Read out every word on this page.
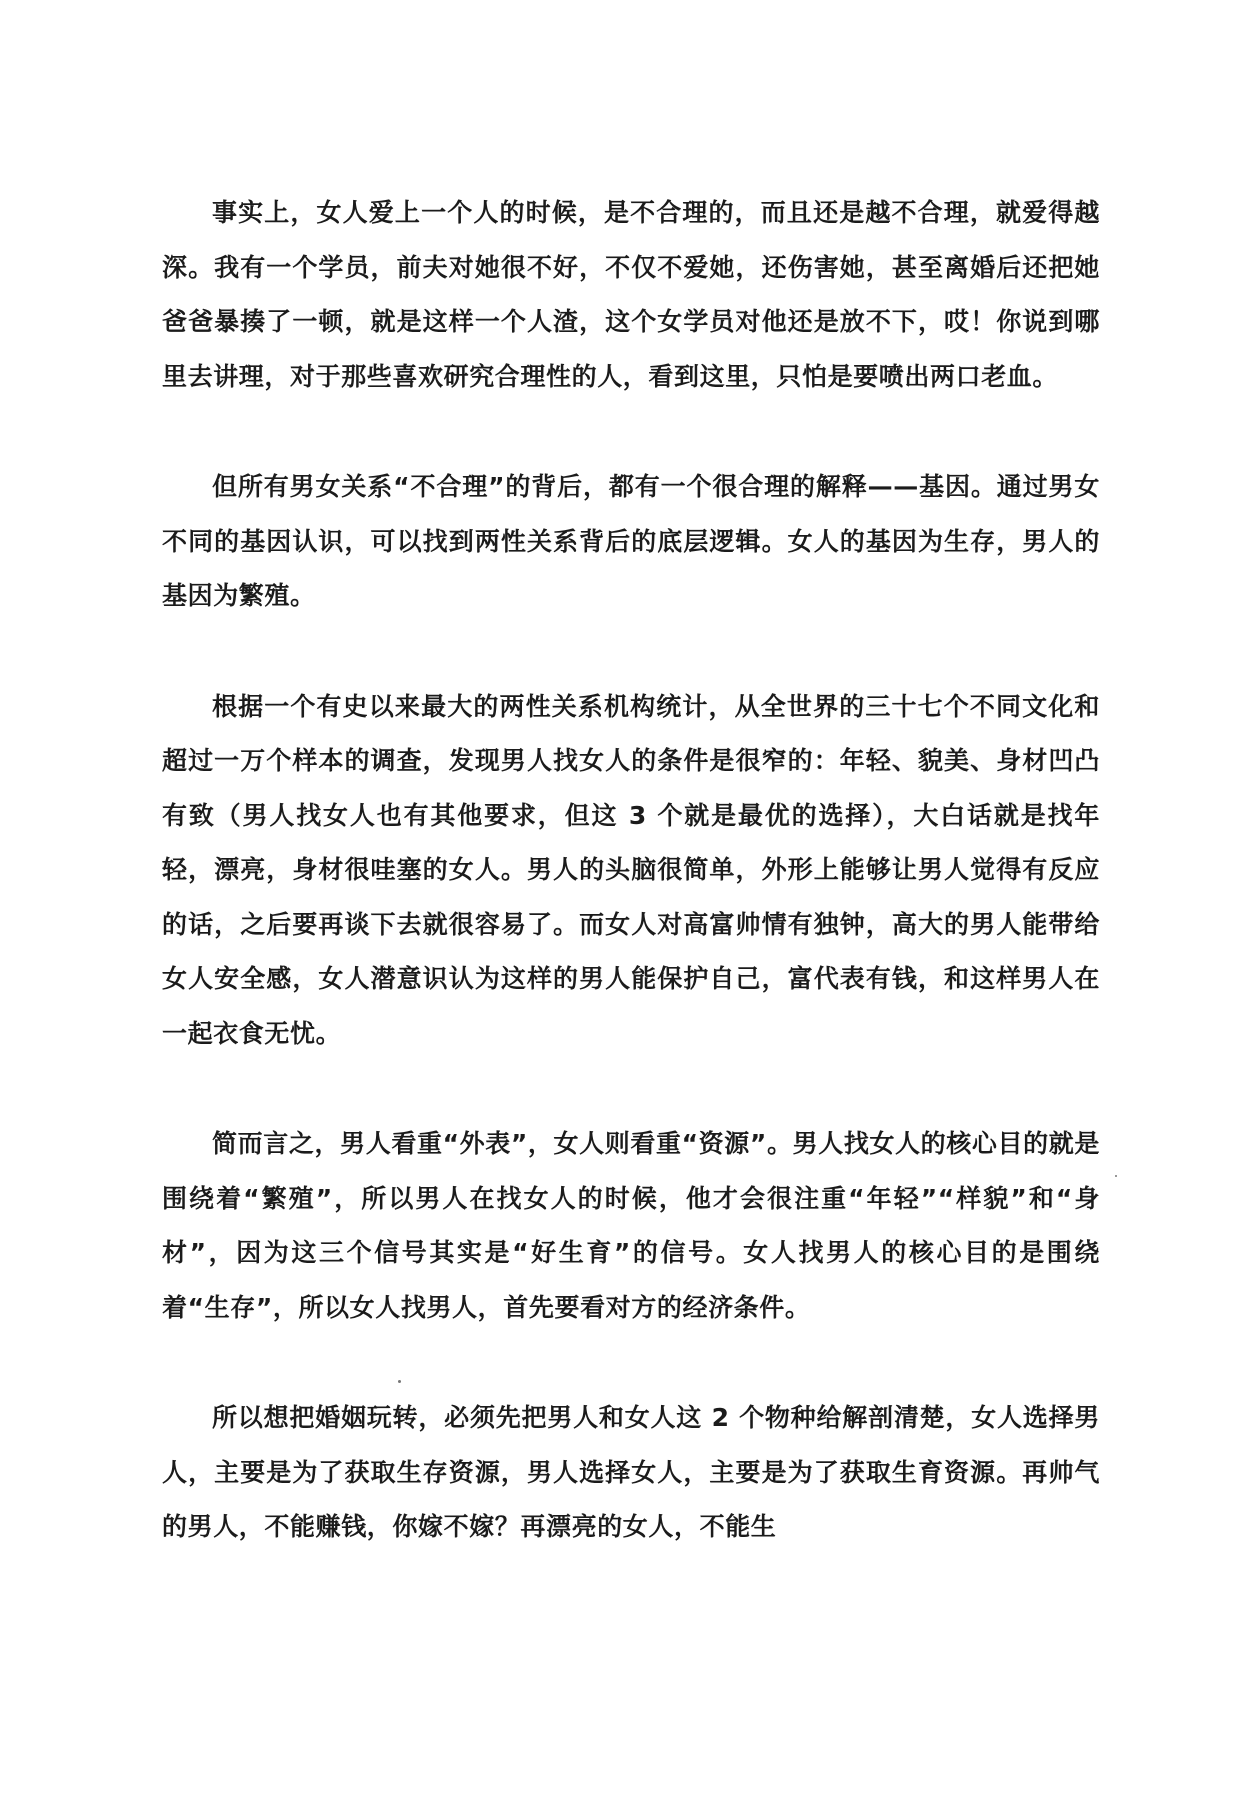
事实上，女人爱上一个人的时候，是不合理的，而且还是越不合理，就爱得越深。我有一个学员，前夫对她很不好，不仅不爱她，还伤害她，甚至离婚后还把她爸爸暴揍了一顿，就是这样一个人渣，这个女学员对他还是放不下，哎！你说到哪里去讲理，对于那些喜欢研究合理性的人，看到这里，只怕是要喷出两口老血。

但所有男女关系“不合理”的背后，都有一个很合理的解释——基因。通过男女不同的基因认识，可以找到两性关系背后的底层逻辑。女人的基因为生存，男人的基因为繁殖。

根据一个有史以来最大的两性关系机构统计，从全世界的三十七个不同文化和超过一万个样本的调查，发现男人找女人的条件是很窄的：年轻、貌美、身材凹凸有致（男人找女人也有其他要求，但这 3 个就是最优的选择），大白话就是找年轻，漂亮，身材很哇塞的女人。男人的头脑很简单，外形上能够让男人觉得有反应的话，之后要再谈下去就很容易了。而女人对高富帅情有独钟，高大的男人能带给女人安全感，女人潜意识认为这样的男人能保护自己，富代表有钱，和这样男人在一起衣食无忧。

简而言之，男人看重“外表”，女人则看重“资源”。男人找女人的核心目的就是围绕着“繁殖”，所以男人在找女人的时候，他才会很注重“年轻”“样貌”和“身材”，因为这三个信号其实是“好生育”的信号。女人找男人的核心目的是围绕着“生存”，所以女人找男人，首先要看对方的经济条件。

所以想把婚姻玩转，必须先把男人和女人这 2 个物种给解剖清楚，女人选择男人，主要是为了获取生存资源，男人选择女人，主要是为了获取生育资源。再帅气的男人，不能赚钱，你嫁不嫁？再漂亮的女人，不能生
